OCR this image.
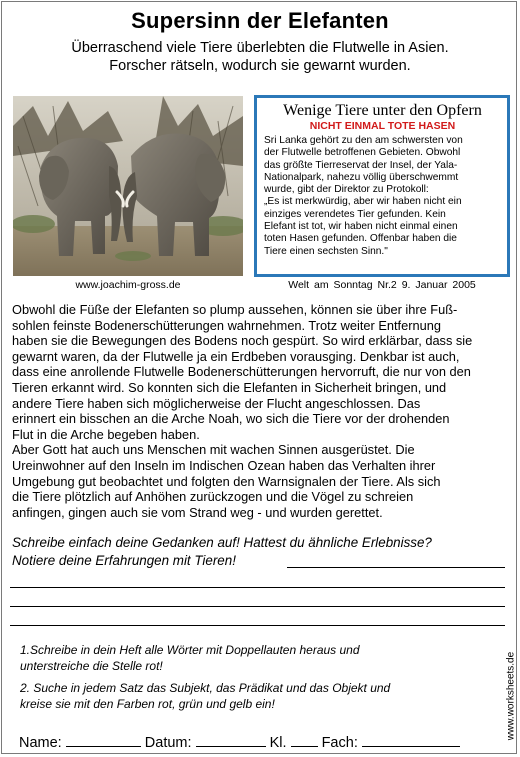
Supersinn der Elefanten
Überraschend viele Tiere überlebten die Flutwelle in Asien.
Forscher rätseln, wodurch sie gewarnt wurden.
www.joachim-gross.de
Wenige Tiere unter den Opfern
NICHT EINMAL TOTE HASEN
Sri Lanka gehört zu den am schwersten von
der Flutwelle betroffenen Gebieten. Obwohl
das größte Tierreservat der Insel, der Yala-
Nationalpark, nahezu völlig überschwemmt
wurde, gibt der Direktor zu Protokoll:
„Es ist merkwürdig, aber wir haben nicht ein
einziges verendetes Tier gefunden. Kein
Elefant ist tot, wir haben nicht einmal einen
toten Hasen gefunden. Offenbar haben die
Tiere einen sechsten Sinn."
Welt am Sonntag Nr.2 9. Januar 2005

Obwohl die Füße der Elefanten so plump aussehen, können sie über ihre Fuß-

sohlen feinste Bodenerschütterungen wahrnehmen. Trotz weiter Entfernung

haben sie die Bewegungen des Bodens noch gespürt. So wird erklärbar, dass sie

gewarnt waren, da der Flutwelle ja ein Erdbeben vorausging. Denkbar ist auch,

dass eine anrollende Flutwelle Bodenerschütterungen hervorruft, die nur von den

Tieren erkannt wird. So konnten sich die Elefanten in Sicherheit bringen, und

andere Tiere haben sich möglicherweise der Flucht angeschlossen. Das

erinnert ein bisschen an die Arche Noah, wo sich die Tiere vor der drohenden

Flut in die Arche begeben haben.

Aber Gott hat auch uns Menschen mit wachen Sinnen ausgerüstet. Die

Ureinwohner auf den Inseln im Indischen Ozean haben das Verhalten ihrer

Umgebung gut beobachtet und folgten den Warnsignalen der Tiere. Als sich

die Tiere plötzlich auf Anhöhen zurückzogen und die Vögel zu schreien

anfingen, gingen auch sie vom Strand weg - und wurden gerettet.

Schreibe einfach deine Gedanken auf! Hattest du ähnliche Erlebnisse?
Notiere deine Erfahrungen mit Tieren!
1.Schreibe in dein Heft alle Wörter mit Doppellauten heraus und
unterstreiche die Stelle rot!
2. Suche in jedem Satz das Subjekt, das Prädikat und das Objekt und
kreise sie mit den Farben rot, grün und gelb ein!	www.worksheets.de
Name:	Datum:	Kl. Fach:
